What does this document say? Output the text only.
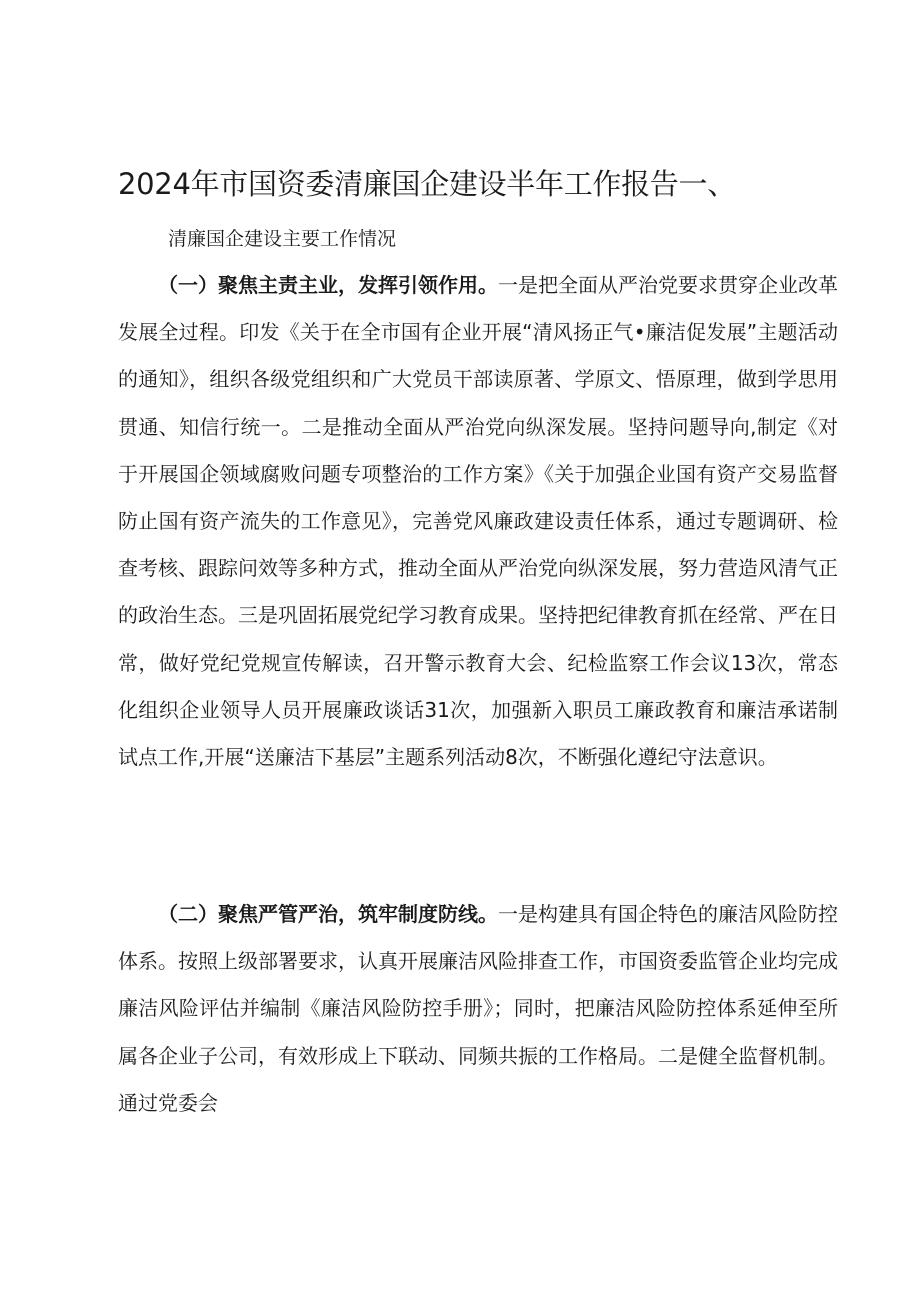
2024年市国资委清廉国企建设半年工作报告一、
清廉国企建设主要工作情况

（一）聚焦主责主业，发挥引领作用。一是把全面从严治党要求贯穿企业改革发展全过程。印发《关于在全市国有企业开展“清风扬正气•廉洁促发展”主题活动的通知》，组织各级党组织和广大党员干部读原著、学原文、悟原理，做到学思用贯通、知信行统一。二是推动全面从严治党向纵深发展。坚持问题导向,制定《对于开展国企领域腐败问题专项整治的工作方案》《关于加强企业国有资产交易监督防止国有资产流失的工作意见》，完善党风廉政建设责任体系，通过专题调研、检查考核、跟踪问效等多种方式，推动全面从严治党向纵深发展，努力营造风清气正的政治生态。三是巩固拓展党纪学习教育成果。坚持把纪律教育抓在经常、严在日常，做好党纪党规宣传解读，召开警示教育大会、纪检监察工作会议13次，常态化组织企业领导人员开展廉政谈话31次，加强新入职员工廉政教育和廉洁承诺制试点工作,开展“送廉洁下基层”主题系列活动8次，不断强化遵纪守法意识。

（二）聚焦严管严治，筑牢制度防线。一是构建具有国企特色的廉洁风险防控体系。按照上级部署要求，认真开展廉洁风险排查工作，市国资委监管企业均完成廉洁风险评估并编制《廉洁风险防控手册》；同时，把廉洁风险防控体系延伸至所属各企业子公司，有效形成上下联动、同频共振的工作格局。二是健全监督机制。通过党委会
